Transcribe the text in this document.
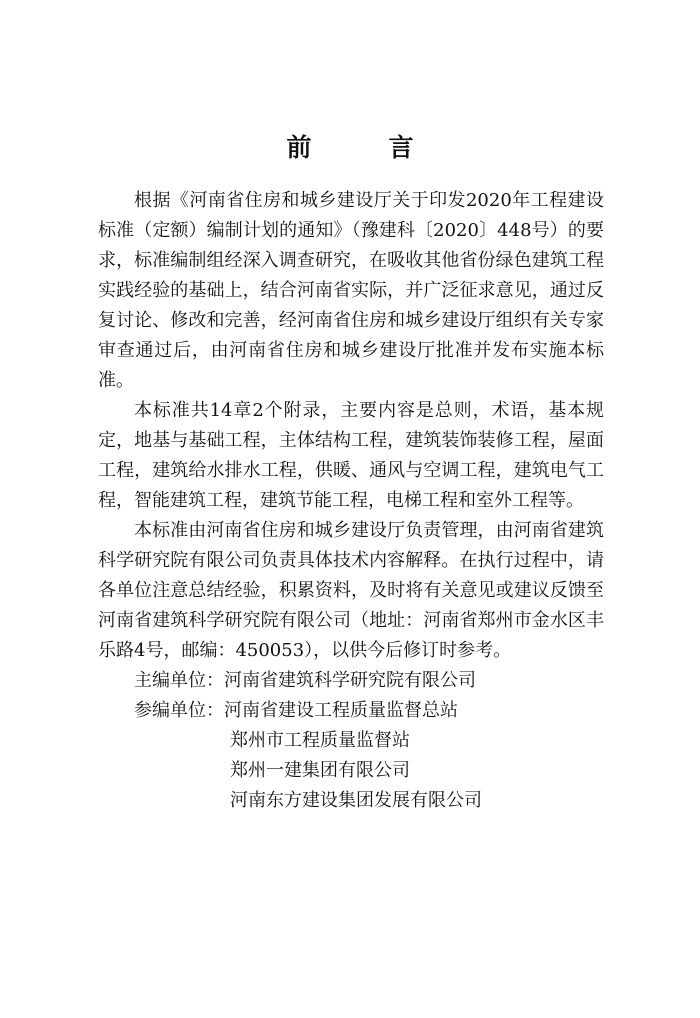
前　言

根据《河南省住房和城乡建设厅关于印发2020年工程建设标准（定额）编制计划的通知》（豫建科〔2020〕448号）的要求，标准编制组经深入调查研究，在吸收其他省份绿色建筑工程实践经验的基础上，结合河南省实际，并广泛征求意见，通过反复讨论、修改和完善，经河南省住房和城乡建设厅组织有关专家审查通过后，由河南省住房和城乡建设厅批准并发布实施本标准。

本标准共14章2个附录，主要内容是总则，术语，基本规定，地基与基础工程，主体结构工程，建筑装饰装修工程，屋面工程，建筑给水排水工程，供暖、通风与空调工程，建筑电气工程，智能建筑工程，建筑节能工程，电梯工程和室外工程等。

本标准由河南省住房和城乡建设厅负责管理，由河南省建筑科学研究院有限公司负责具体技术内容解释。在执行过程中，请各单位注意总结经验，积累资料，及时将有关意见或建议反馈至河南省建筑科学研究院有限公司（地址：河南省郑州市金水区丰乐路4号，邮编：450053），以供今后修订时参考。

主编单位：河南省建筑科学研究院有限公司

参编单位：河南省建设工程质量监督总站

郑州市工程质量监督站

郑州一建集团有限公司

河南东方建设集团发展有限公司
